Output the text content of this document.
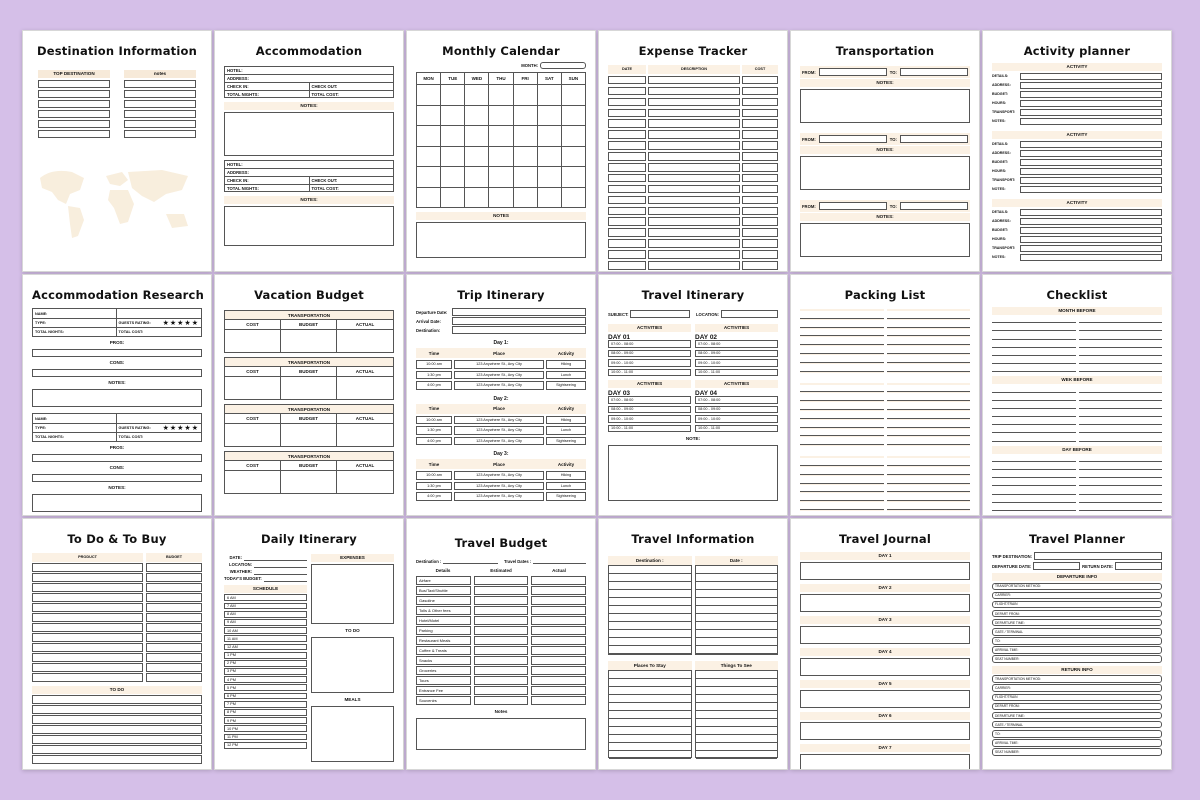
Destination Information
TOP DESTINATION	notes
Accommodation
HOTEL:
ADDRESS:
CHECK IN:	CHECK OUT:
TOTAL NIGHTS:	TOTAL COST:
NOTES:
HOTEL:
ADDRESS:
CHECK IN:	CHECK OUT:
TOTAL NIGHTS:	TOTAL COST:
NOTES:
Monthly Calendar
MONTH:
MON	TUE	WED	THU	FRI	SAT	SUN
NOTES
Expense Tracker
DATE	DESCRIPTION	COST
Transportation
FROM:	TO:
NOTES:
FROM:	TO:
NOTES:
FROM:	TO:
NOTES:
Activity planner
ACTIVITY
DETAILS:
ADDRESS:
BUDGET:
HOURS:
TRANSPORT:
NOTES:
ACTIVITY
DETAILS:
ADDRESS:
BUDGET:
HOURS:
TRANSPORT:
NOTES:
ACTIVITY
DETAILS:
ADDRESS:
BUDGET:
HOURS:
TRANSPORT:
NOTES:
Accommodation Research
NAME:
TYPE:	GUESTS RATING: ★★★★★
TOTAL NIGHTS:	TOTAL COST:
PROS:
CONS:
NOTES:
NAME:
TYPE:	GUESTS RATING: ★★★★★
TOTAL NIGHTS:	TOTAL COST:
PROS:
CONS:
NOTES:
Vacation Budget
TRANSPORTATION
COST	BUDGET	ACTUAL
TRANSPORTATION
COST	BUDGET	ACTUAL
TRANSPORTATION
COST	BUDGET	ACTUAL
TRANSPORTATION
COST	BUDGET	ACTUAL
Trip Itinerary
Departure Date:
Arrival Date:
Destination:
Day 1:
Time	Place	Activity
10:00 am	123 Anywhere St., Any City	Hiking
1:30 pm	123 Anywhere St., Any City	Lunch
4:00 pm	123 Anywhere St., Any City	Sightseeing
Day 2:
Time	Place	Activity
10:00 am	123 Anywhere St., Any City	Hiking
1:30 pm	123 Anywhere St., Any City	Lunch
4:00 pm	123 Anywhere St., Any City	Sightseeing
Day 3:
Time	Place	Activity
10:00 am	123 Anywhere St., Any City	Hiking
1:30 pm	123 Anywhere St., Any City	Lunch
4:00 pm	123 Anywhere St., Any City	Sightseeing
Travel Itinerary
SUBJECT:	LOCATION:
ACTIVITIES
DAY 01
07:00 - 08:00
08:00 - 09:00
09:00 - 10:00
10:00 - 11:00
ACTIVITIES
DAY 02
07:00 - 08:00
08:00 - 09:00
09:00 - 10:00
10:00 - 11:00
ACTIVITIES
DAY 03
07:00 - 08:00
08:00 - 09:00
09:00 - 10:00
10:00 - 11:00
ACTIVITIES
DAY 04
07:00 - 08:00
08:00 - 09:00
09:00 - 10:00
10:00 - 11:00
NOTE:
Packing List	Checklist
MONTH BEFORE
WEK BEFORE
DAY BEFORE
To Do & To Buy
PRODUCT	BUDGET
TO DO
Daily Itinerary
DATE:
LOCATION:
WEATHER:
TODAY'S BUDGET:
SCHEDULE
6 AM
7 AM
8 AM
9 AM
10 AM
11 AM
12 AM
1 PM
2 PM
3 PM
4 PM
5 PM
6 PM
7 PM
8 PM
9 PM
10 PM
11 PM
12 PM
EXPENSES
TO DO
MEALS
Travel Budget
Destination :	Travel Dates :
Details	Estimated	Actual
Airfare
Bus/Taxi/Shuttle
Gasoline
Tolls & Other fees
Hotel/Motel
Parking
Restaurant Meals
Coffee & Treats
Snacks
Groceries
Tours
Entrance Fee
Souvenirs
Notes
Travel Information
Destination :
Places To Stay
Date :
Things To See
Travel Journal
DAY 1
DAY 2
DAY 3
DAY 4
DAY 5
DAY 6
DAY 7
Travel Planner
TRIP DESTINATION:
DEPARTURE DATE:	RETURN DATE:
DEPARTURE INFO
TRANSPORTATION METHOD:
CARRIER:
FLIGHT/TRAIN
DEPART FROM:
DEPARTURE TIME:
GATE / TERMINAL
TO:
ARRIVAL TIME:
SEAT NUMBER:
RETURN INFO
TRANSPORTATION METHOD:
CARRIER:
FLIGHT/TRAIN
DEPART FROM:
DEPARTURE TIME:
GATE / TERMINAL
TO:
ARRIVAL TIME:
SEAT NUMBER:
